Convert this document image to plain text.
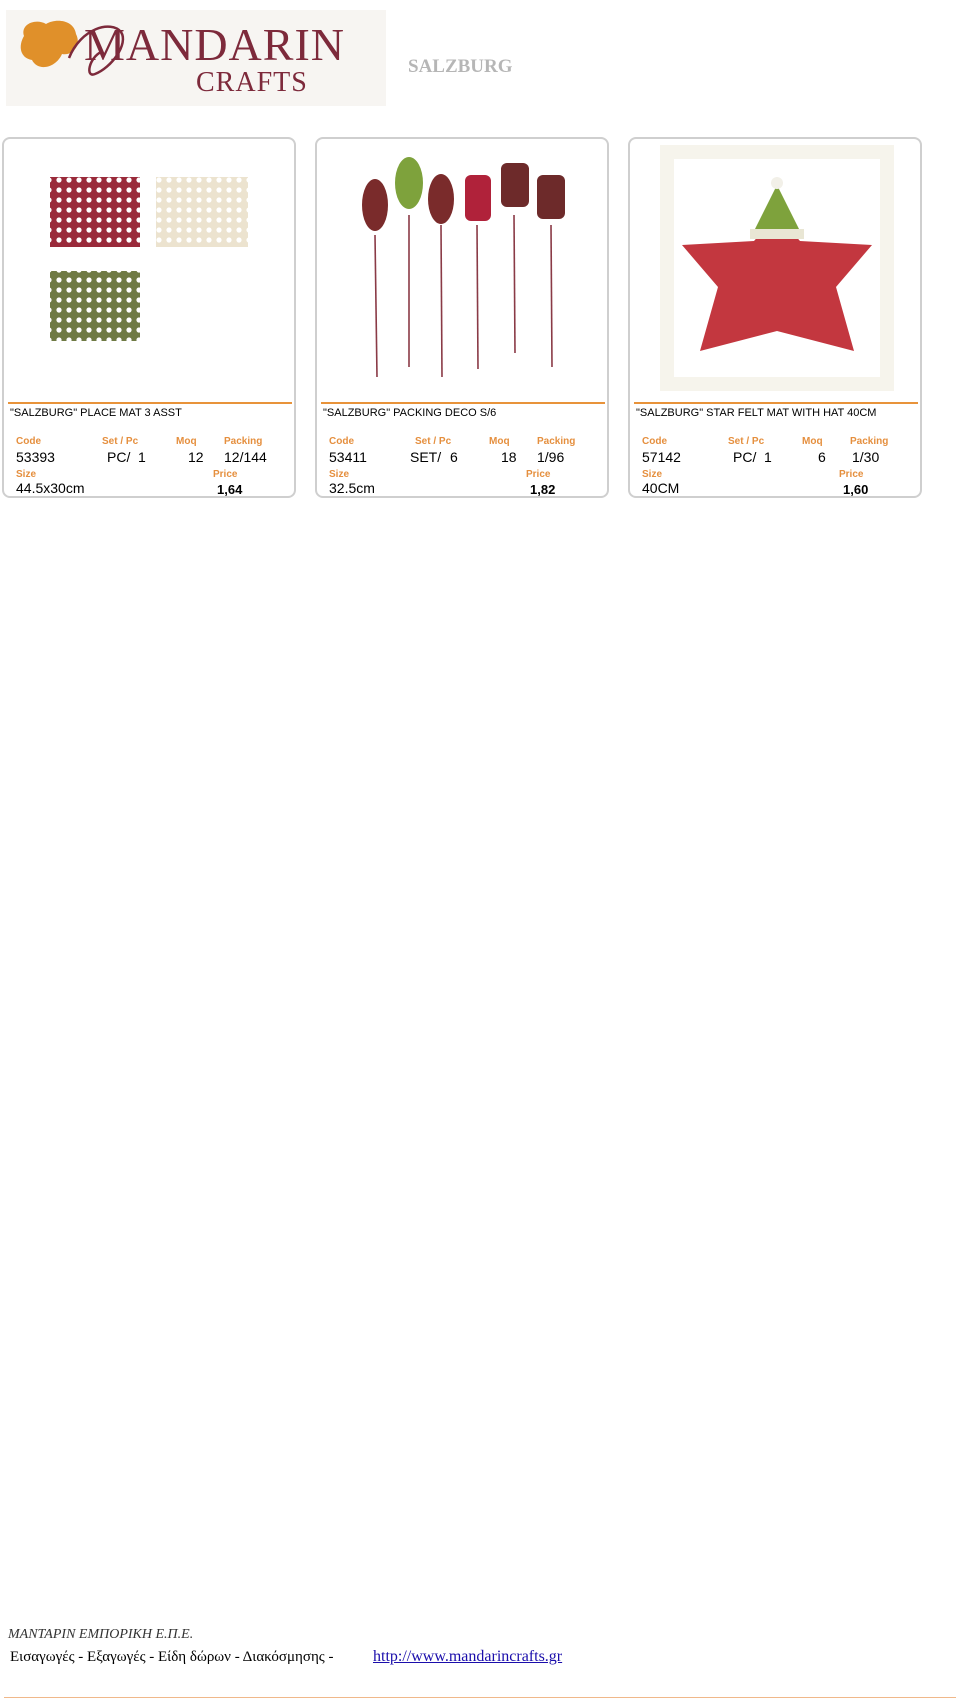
MANDARIN
CRAFTS
SALZBURG
"SALZBURG" PLACE MAT 3 ASST
Code	Set / Pc	Moq	Packing
53393	PC/ 1	12 12/144
Size	Price
44.5x30cm	1,64
"SALZBURG" PACKING DECO S/6
Code	Set / Pc	Moq	Packing
53411	SET/ 6	18 1/96
Size	Price
32.5cm	1,82
"SALZBURG" STAR FELT MAT WITH HAT 40CM
Code	Set / Pc	Moq	Packing
57142	PC/ 1	6 1/30
Size	Price
40CM	1,60
ΜΑΝΤΑΡΙΝ ΕΜΠΟΡΙΚΗ Ε.Π.Ε.
Εισαγωγές - Εξαγωγές - Είδη δώρων - Διακόσμησης - http://www.mandarincrafts.gr
